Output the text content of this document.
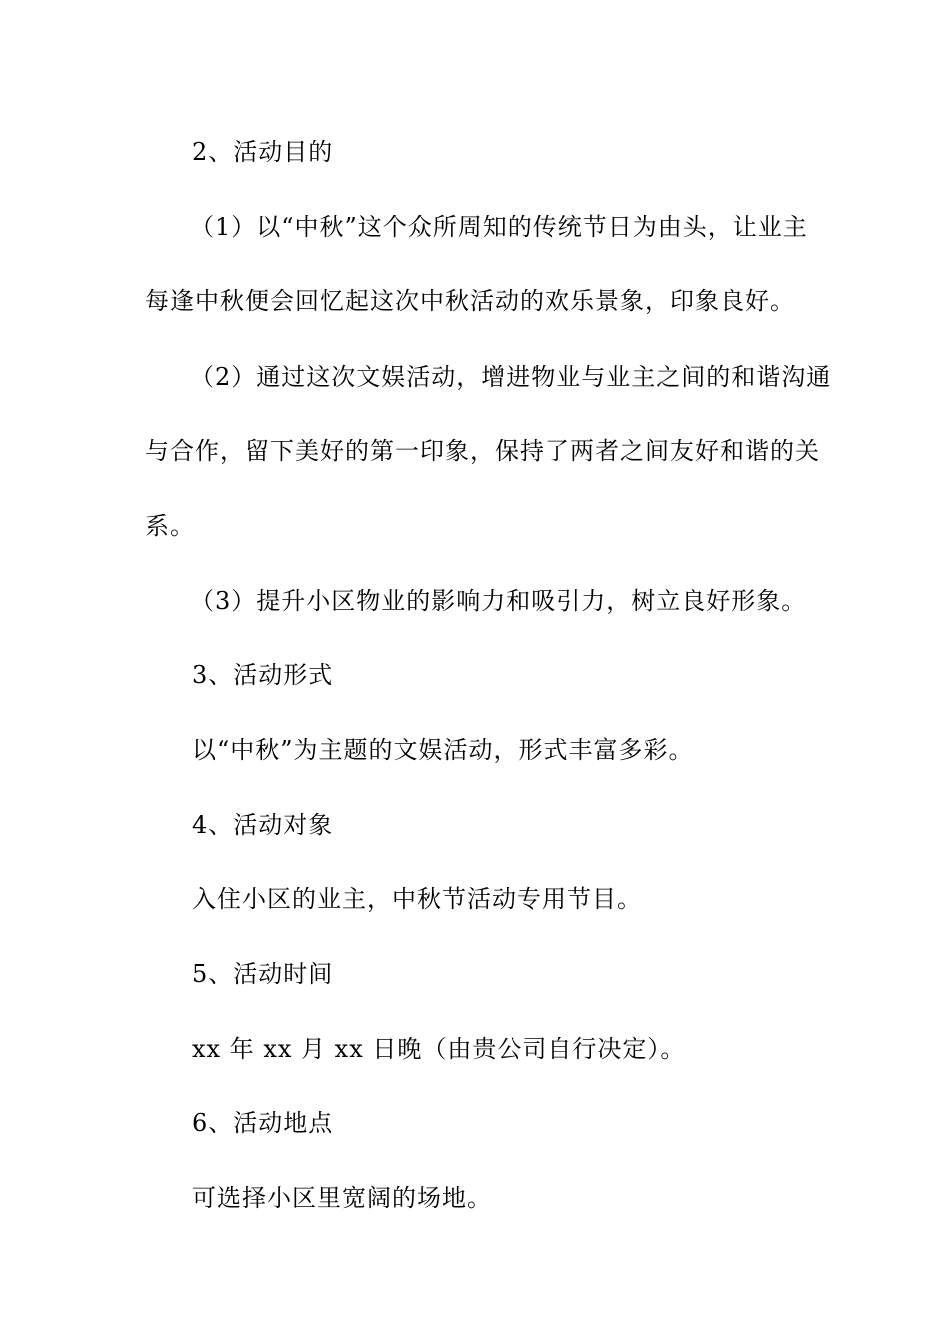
2、活动目的
（1）以“中秋”这个众所周知的传统节日为由头，让业主
每逢中秋便会回忆起这次中秋活动的欢乐景象，印象良好。
（2）通过这次文娱活动，增进物业与业主之间的和谐沟通
与合作，留下美好的第一印象，保持了两者之间友好和谐的关
系。
（3）提升小区物业的影响力和吸引力，树立良好形象。
3、活动形式
以“中秋”为主题的文娱活动，形式丰富多彩。
4、活动对象
入住小区的业主，中秋节活动专用节目。
5、活动时间
xx 年 xx 月 xx 日晚（由贵公司自行决定）。
6、活动地点
可选择小区里宽阔的场地。
